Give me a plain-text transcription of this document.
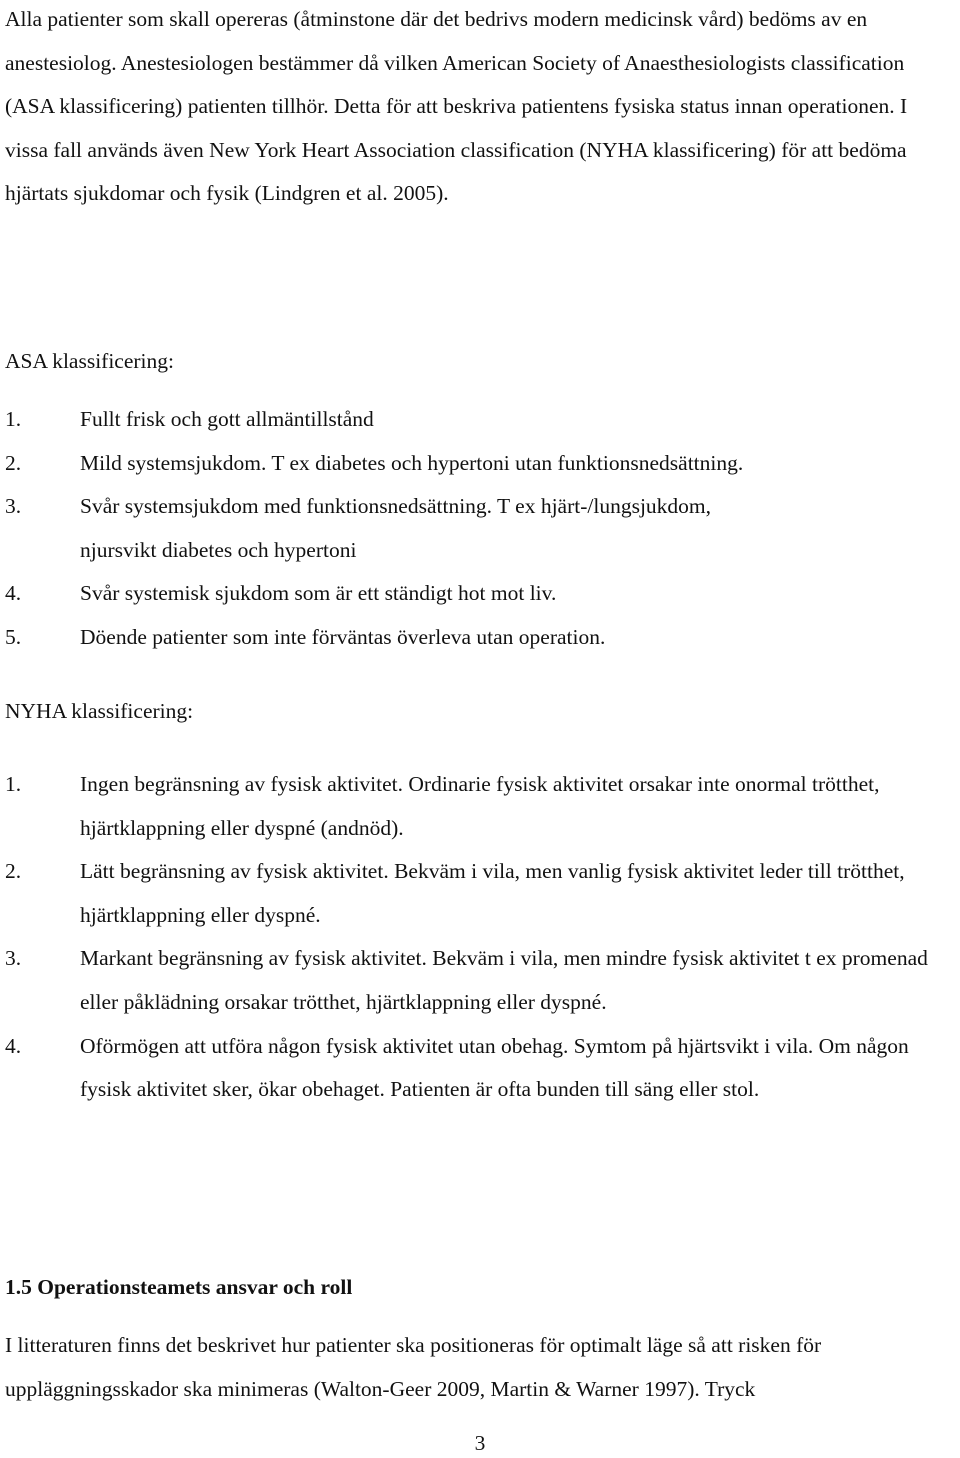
Alla patienter som skall opereras (åtminstone där det bedrivs modern medicinsk vård) bedöms av en anestesiolog. Anestesiologen bestämmer då vilken American Society of Anaesthesiologists classification (ASA klassificering) patienten tillhör. Detta för att beskriva patientens fysiska status innan operationen. I vissa fall används även New York Heart Association classification (NYHA klassificering) för att bedöma hjärtats sjukdomar och fysik (Lindgren et al. 2005).

ASA klassificering:
1.	Fullt frisk och gott allmäntillstånd
2.	Mild systemsjukdom. T ex diabetes och hypertoni utan funktionsnedsättning.
3.	Svår systemsjukdom med funktionsnedsättning. T ex hjärt-/lungsjukdom, njursvikt diabetes och hypertoni
4.	Svår systemisk sjukdom som är ett ständigt hot mot liv.
5.	Döende patienter som inte förväntas överleva utan operation.
NYHA klassificering:
1.	Ingen begränsning av fysisk aktivitet. Ordinarie fysisk aktivitet orsakar inte onormal trötthet, hjärtklappning eller dyspné (andnöd).
2.	Lätt begränsning av fysisk aktivitet. Bekväm i vila, men vanlig fysisk aktivitet leder till trötthet, hjärtklappning eller dyspné.
3.	Markant begränsning av fysisk aktivitet. Bekväm i vila, men mindre fysisk aktivitet t ex promenad eller påklädning orsakar trötthet, hjärtklappning eller dyspné.
4.	Oförmögen att utföra någon fysisk aktivitet utan obehag. Symtom på hjärtsvikt i vila. Om någon fysisk aktivitet sker, ökar obehaget. Patienten är ofta bunden till säng eller stol.
1.5 Operationsteamets ansvar och roll

I litteraturen finns det beskrivet hur patienter ska positioneras för optimalt läge så att risken för uppläggningsskador ska minimeras (Walton-Geer 2009, Martin & Warner 1997). Tryck

3
